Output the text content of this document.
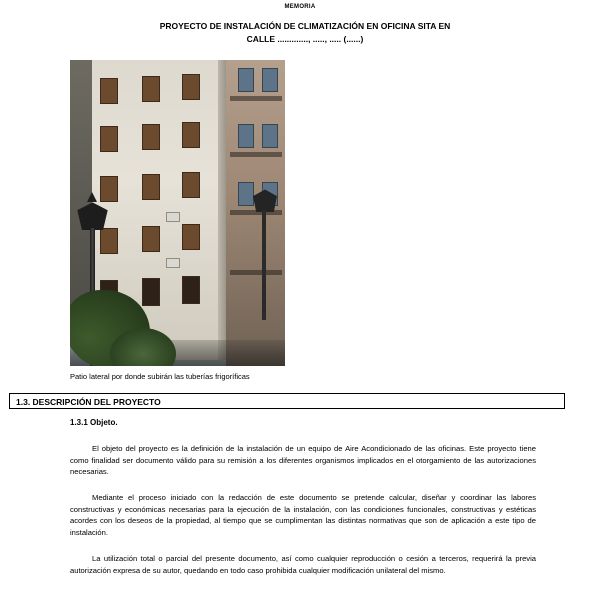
MEMORIA
PROYECTO DE INSTALACIÓN DE CLIMATIZACIÓN EN OFICINA SITA EN
CALLE ............., ....., ..... (......)
Patio lateral por donde subirán las tuberías frigoríficas
1.3. DESCRIPCIÓN DEL PROYECTO
1.3.1 Objeto.
El objeto del proyecto es la definición de la instalación de un equipo de Aire Acondicionado de las oficinas. Este proyecto tiene como finalidad ser documento válido para su remisión a los diferentes organismos implicados en el otorgamiento de las autorizaciones necesarias.
Mediante el proceso iniciado con la redacción de este documento se pretende calcular, diseñar y coordinar las labores constructivas y económicas necesarias para la ejecución de la instalación, con las condiciones funcionales, constructivas y estéticas acordes con los deseos de la propiedad, al tiempo que se cumplimentan las distintas normativas que son de aplicación a este tipo de instalación.
La utilización total o parcial del presente documento, así como cualquier reproducción o cesión a terceros, requerirá la previa autorización expresa de su autor, quedando en todo caso prohibida cualquier modificación unilateral del mismo.
